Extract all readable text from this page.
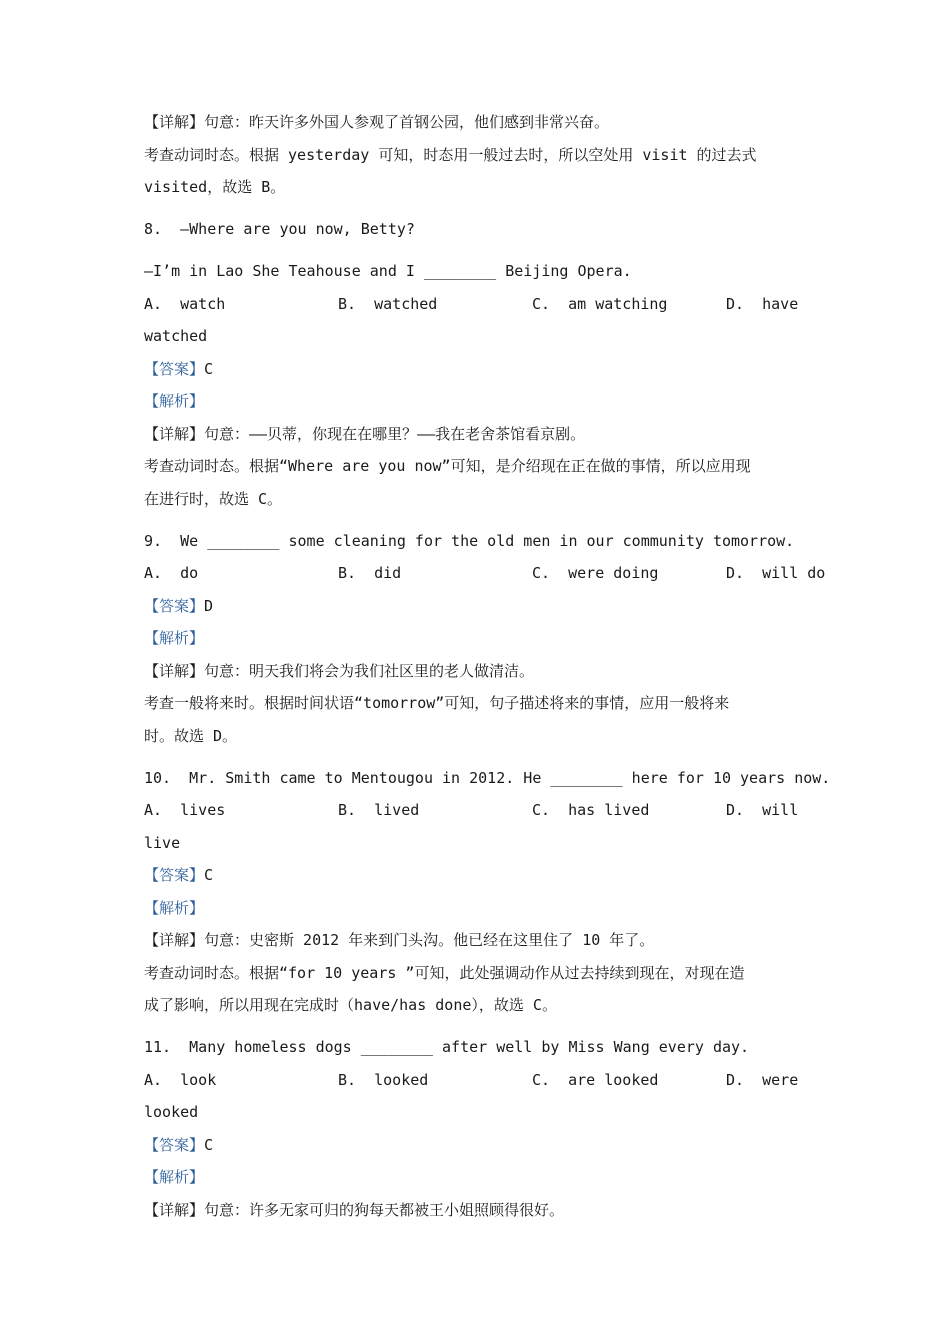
【详解】句意：昨天许多外国人参观了首钢公园，他们感到非常兴奋。

考查动词时态。根据 yesterday 可知，时态用一般过去时，所以空处用 visit 的过去式

visited，故选 B。

8.  —Where are you now, Betty?

—I’m in Lao She Teahouse and I ________ Beijing Opera.

A.  watch	B.  watched	C.  am watching	D.  have

watched

【答案】C

【解析】

【详解】句意：——贝蒂，你现在在哪里？——我在老舍茶馆看京剧。

考查动词时态。根据“Where are you now”可知，是介绍现在正在做的事情，所以应用现

在进行时，故选 C。

9.  We ________ some cleaning for the old men in our community tomorrow.

A.  do	B.  did	C.  were doing	D.  will do

【答案】D

【解析】

【详解】句意：明天我们将会为我们社区里的老人做清洁。

考查一般将来时。根据时间状语“tomorrow”可知，句子描述将来的事情，应用一般将来

时。故选 D。

10.  Mr. Smith came to Mentougou in 2012. He ________ here for 10 years now.

A.  lives	B.  lived	C.  has lived	D.  will

live

【答案】C

【解析】

【详解】句意：史密斯 2012 年来到门头沟。他已经在这里住了 10 年了。

考查动词时态。根据“for 10 years ”可知，此处强调动作从过去持续到现在，对现在造

成了影响，所以用现在完成时（have/has done），故选 C。

11.  Many homeless dogs ________ after well by Miss Wang every day.

A.  look	B.  looked	C.  are looked	D.  were

looked

【答案】C

【解析】

【详解】句意：许多无家可归的狗每天都被王小姐照顾得很好。
